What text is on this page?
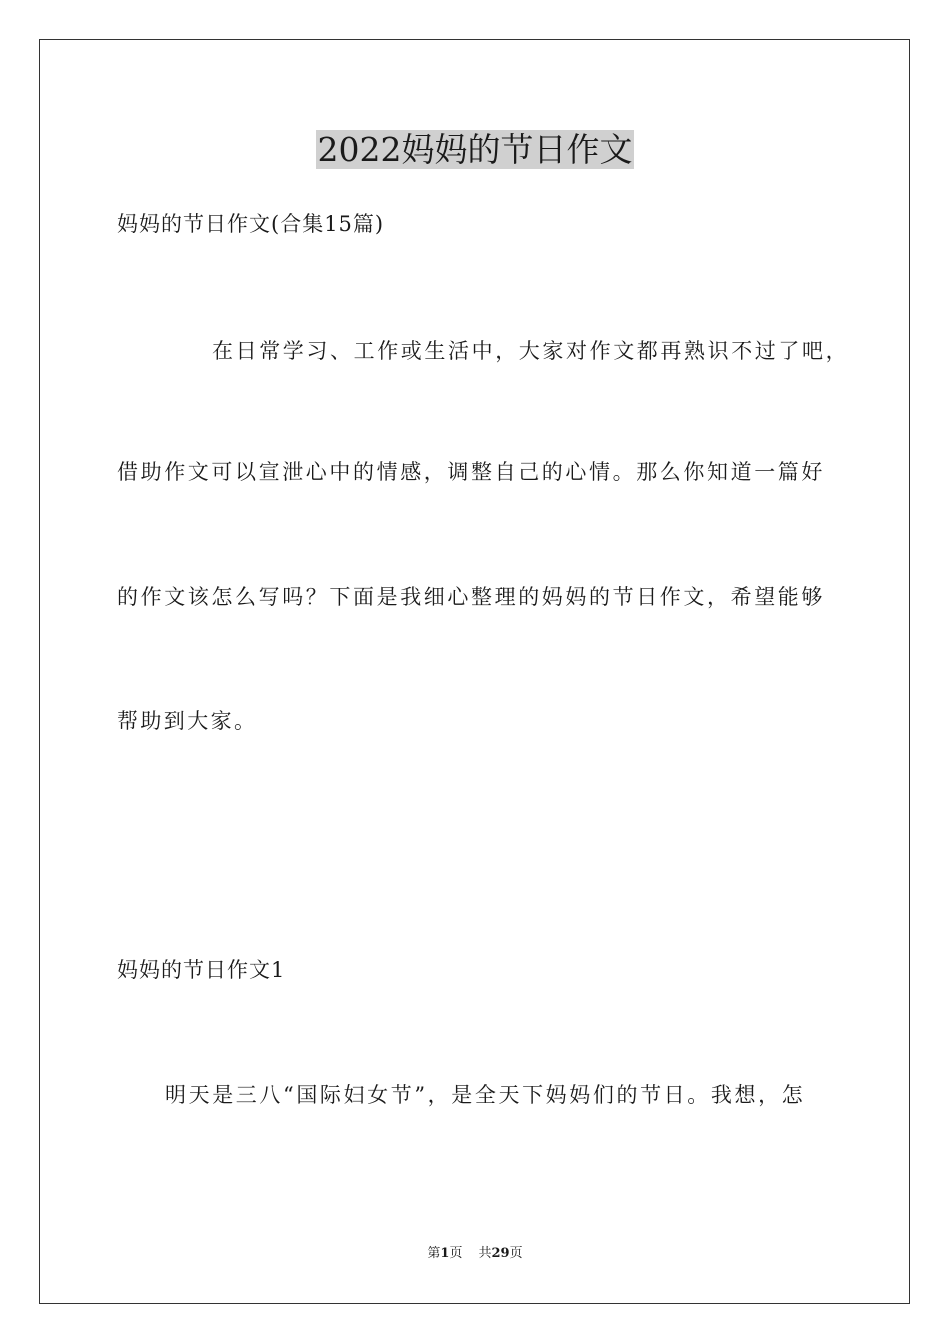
2022妈妈的节日作文
妈妈的节日作文(合集15篇)
在日常学习、工作或生活中，大家对作文都再熟识不过了吧，
借助作文可以宣泄心中的情感，调整自己的心情。那么你知道一篇好
的作文该怎么写吗？下面是我细心整理的妈妈的节日作文，希望能够
帮助到大家。
妈妈的节日作文1
明天是三八“国际妇女节”，是全天下妈妈们的节日。我想，怎
第1页 共29页
